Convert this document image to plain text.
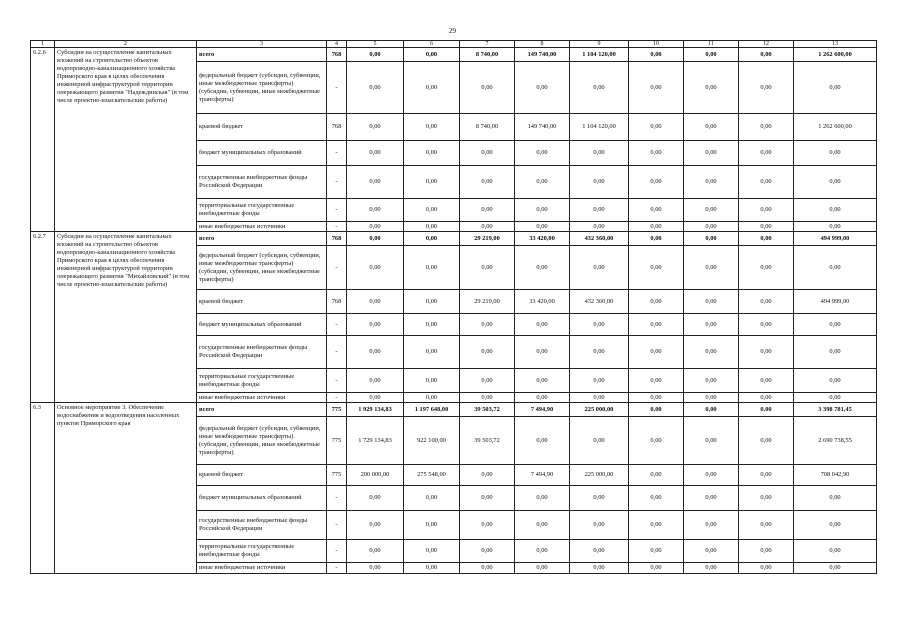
29
1	2	3	4	5	6	7	8	9	10	11	12	13
6.2.6	Субсидии на осуществление капитальных вложений на строительство объектов водопроводно-канализационного хозяйства Приморского края в целях обеспечения инженерной инфраструктурой территории опережающего развития "Надеждинская" (в том числе проектно-изыскательские работы)	всего	768	0,00	0,00	8 740,00	149 740,00	1 104 120,00	0,00	0,00	0,00	1 262 600,00
		федеральный бюджет (субсидии, субвенции, иные межбюджетные трансферты) (субсидии, субвенции, иные межбюджетные трансферты)	-	0,00	0,00	0,00	0,00	0,00	0,00	0,00	0,00	0,00
		краевой бюджет	768	0,00	0,00	8 740,00	149 740,00	1 104 120,00	0,00	0,00	0,00	1 262 600,00
		бюджет муниципальных образований	-	0,00	0,00	0,00	0,00	0,00	0,00	0,00	0,00	0,00
		государственные внебюджетные фонды Российской Федерации	-	0,00	0,00	0,00	0,00	0,00	0,00	0,00	0,00	0,00
		территориальные государственные внебюджетные фонды	-	0,00	0,00	0,00	0,00	0,00	0,00	0,00	0,00	0,00
		иные внебюджетные источники	-	0,00	0,00	0,00	0,00	0,00	0,00	0,00	0,00	0,00
6.2.7	Субсидии на осуществление капитальных вложений на строительство объектов водопроводно-канализационного хозяйства Приморского края в целях обеспечения инженерной инфраструктурой территории опережающего развития "Михайловский" (в том числе проектно-изыскательские работы)	всего	768	0,00	0,00	29 219,00	33 420,00	432 360,00	0,00	0,00	0,00	494 999,00
		федеральный бюджет (субсидии, субвенции, иные межбюджетные трансферты) (субсидии, субвенции, иные межбюджетные трансферты)	-	0,00	0,00	0,00	0,00	0,00	0,00	0,00	0,00	0,00
		краевой бюджет	768	0,00	0,00	29 219,00	33 420,00	432 360,00	0,00	0,00	0,00	494 999,00
		бюджет муниципальных образований	-	0,00	0,00	0,00	0,00	0,00	0,00	0,00	0,00	0,00
		государственные внебюджетные фонды Российской Федерации	-	0,00	0,00	0,00	0,00	0,00	0,00	0,00	0,00	0,00
		территориальные государственные внебюджетные фонды	-	0,00	0,00	0,00	0,00	0,00	0,00	0,00	0,00	0,00
		иные внебюджетные источники	-	0,00	0,00	0,00	0,00	0,00	0,00	0,00	0,00	0,00
6.3	Основное мероприятие 3. Обеспечение водоснабжения и водоотведения населенных пунктов Приморского края	всего	775	1 929 134,83	1 197 648,00	39 503,72	7 494,90	225 000,00	0,00	0,00	0,00	3 398 781,45
		федеральный бюджет (субсидии, субвенции, иные межбюджетные трансферты) (субсидии, субвенции, иные межбюджетные трансферты)	775	1 729 134,83	922 100,00	39 503,72	0,00	0,00	0,00	0,00	0,00	2 690 738,55
		краевой бюджет	775	200 000,00	275 548,00	0,00	7 494,90	225 000,00	0,00	0,00	0,00	708 042,90
		бюджет муниципальных образований	-	0,00	0,00	0,00	0,00	0,00	0,00	0,00	0,00	0,00
		государственные внебюджетные фонды Российской Федерации	-	0,00	0,00	0,00	0,00	0,00	0,00	0,00	0,00	0,00
		территориальные государственные внебюджетные фонды	-	0,00	0,00	0,00	0,00	0,00	0,00	0,00	0,00	0,00
		иные внебюджетные источники	-	0,00	0,00	0,00	0,00	0,00	0,00	0,00	0,00	0,00
